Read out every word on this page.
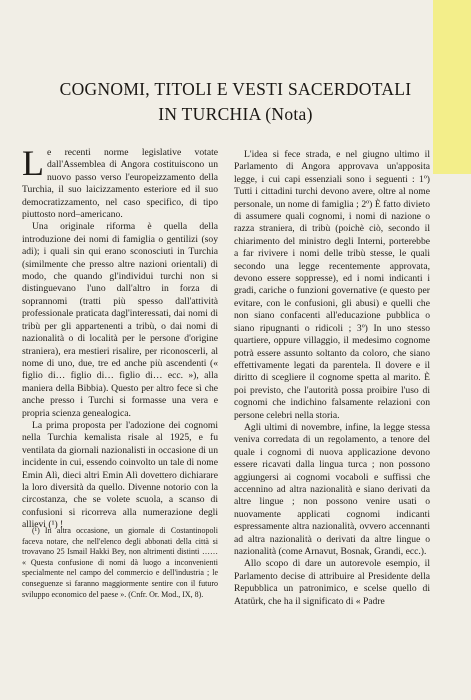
COGNOMI, TITOLI E VESTI SACERDOTALI
IN TURCHIA (Nota)

Le recenti norme legislative votate dall'Assemblea di Angora costituiscono un nuovo passo verso l'europeizzamento della Turchia, il suo laicizzamento esteriore ed il suo democratizzamento, nel caso specifico, di tipo piuttosto nord–americano.

Una originale riforma è quella della introduzione dei nomi di famiglia o gentilizi (soy adi); i quali sin qui erano sconosciuti in Turchia (similmente che presso altre nazioni orientali) di modo, che quando gl'individui turchi non si distinguevano l'uno dall'altro in forza di soprannomi (tratti più spesso dall'attività professionale praticata dagl'interessati, dai nomi di tribù per gli appartenenti a tribù, o dai nomi di nazionalità o di località per le persone d'origine straniera), era mestieri risalire, per riconoscerli, al nome di uno, due, tre ed anche più ascendenti (« figlio di… figlio di… figlio di… ecc. »), alla maniera della Bibbia). Questo per altro fece sì che anche presso i Turchi si formasse una vera e propria scienza genealogica.

La prima proposta per l'adozione dei cognomi nella Turchia kemalista risale al 1925, e fu ventilata da giornali nazionalisti in occasione di un incidente in cui, essendo coinvolto un tale di nome Emin Alì, dieci altri Emin Alì dovettero dichiarare la loro diversità da quello. Divenne notorio con la circostanza, che se volete scuola, a scanso di confusioni si ricorreva alla numerazione degli allievi (¹) !

(¹) In altra occasione, un giornale di Costantinopoli faceva notare, che nell'elenco degli abbonati della città si trovavano 25 Ismail Hakki Bey, non altrimenti distinti …… « Questa confusione di nomi dà luogo a inconvenienti specialmente nel campo del commercio e dell'industria ; le conseguenze si faranno maggiormente sentire con il futuro sviluppo economico del paese ». (Cnfr. Or. Mod., IX, 8).

L'idea si fece strada, e nel giugno ultimo il Parlamento di Angora approvava un'apposita legge, i cui capi essenziali sono i seguenti : 1º) Tutti i cittadini turchi devono avere, oltre al nome personale, un nome di famiglia ; 2º) È fatto divieto di assumere quali cognomi, i nomi di nazione o razza straniera, di tribù (poichè ciò, secondo il chiarimento del ministro degli Interni, porterebbe a far rivivere i nomi delle tribù stesse, le quali secondo una legge recentemente approvata, devono essere soppresse), ed i nomi indicanti i gradi, cariche o funzioni governative (e questo per evitare, con le confusioni, gli abusi) e quelli che non siano confacenti all'educazione pubblica o siano ripugnanti o ridicoli ; 3º) In uno stesso quartiere, oppure villaggio, il medesimo cognome potrà essere assunto soltanto da coloro, che siano effettivamente legati da parentela. Il dovere e il diritto di scegliere il cognome spetta al marito. È poi previsto, che l'autorità possa proibire l'uso di cognomi che indichino falsamente relazioni con persone celebri nella storia.

Agli ultimi di novembre, infine, la legge stessa veniva corredata di un regolamento, a tenore del quale i cognomi di nuova applicazione devono essere ricavati dalla lingua turca ; non possono aggiungersi ai cognomi vocaboli e suffissi che accennino ad altra nazionalità e siano derivati da altre lingue ; non possono venire usati o nuovamente applicati cognomi indicanti espressamente altra nazionalità, ovvero accennanti ad altra nazionalità o derivati da altre lingue o nazionalità (come Arnavut, Bosnak, Grandi, ecc.).

Allo scopo di dare un autorevole esempio, il Parlamento decise di attribuire al Presidente della Repubblica un patronimico, e scelse quello di Atatürk, che ha il significato di « Padre
